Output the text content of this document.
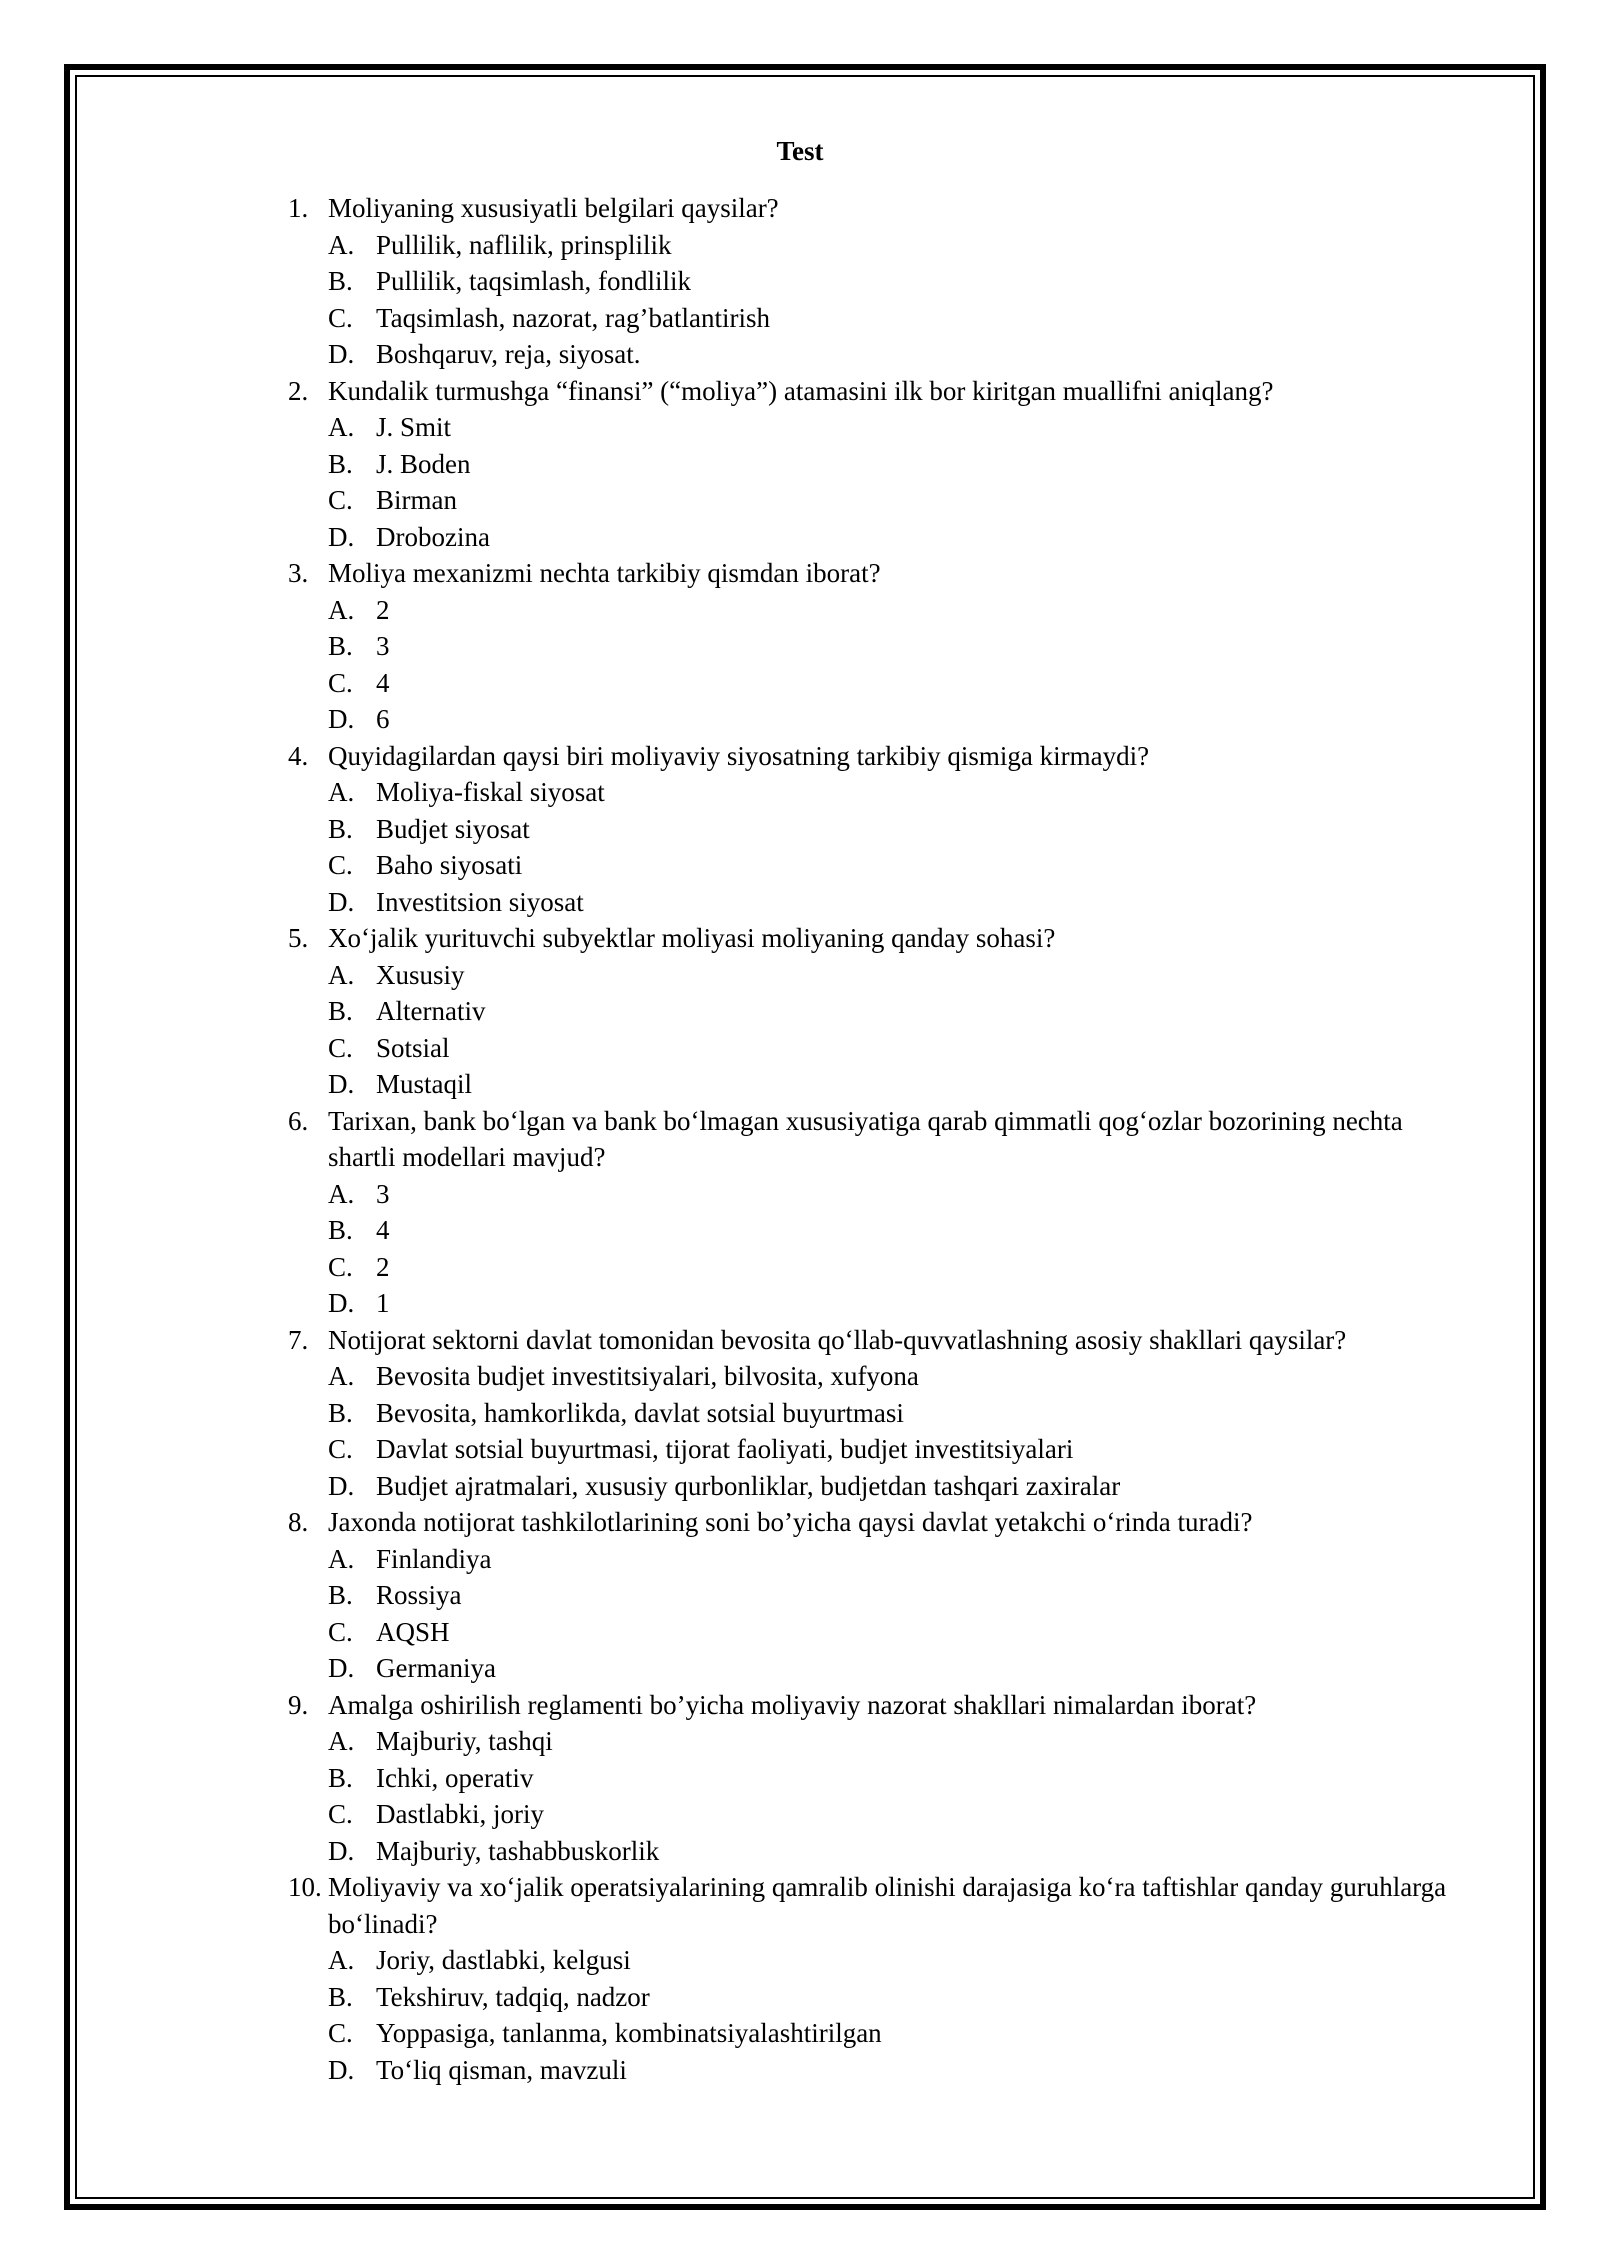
Test
1. Moliyaning xususiyatli belgilari qaysilar?
A. Pullilik, naflilik, prinsplilik
B. Pullilik, taqsimlash, fondlilik
C. Taqsimlash, nazorat, rag’batlantirish
D. Boshqaruv, reja, siyosat.
2. Kundalik turmushga “finansi” (“moliya”) atamasini ilk bor kiritgan muallifni aniqlang?
A. J. Smit
B. J. Boden
C. Birman
D. Drobozina
3. Moliya mexanizmi nechta tarkibiy qismdan iborat?
A. 2
B. 3
C. 4
D. 6
4. Quyidagilardan qaysi biri moliyaviy siyosatning tarkibiy qismiga kirmaydi?
A. Moliya-fiskal siyosat
B. Budjet siyosat
C. Baho siyosati
D. Investitsion siyosat
5. Xo‘jalik yurituvchi subyektlar moliyasi moliyaning qanday sohasi?
A. Xususiy
B. Alternativ
C. Sotsial
D. Mustaqil
6. Tarixan, bank bo‘lgan va bank bo‘lmagan xususiyatiga qarab qimmatli qog‘ozlar bozorining nechta shartli modellari mavjud?
A. 3
B. 4
C. 2
D. 1
7. Notijorat sektorni davlat tomonidan bevosita qo‘llab-quvvatlashning asosiy shakllari qaysilar?
A. Bevosita budjet investitsiyalari, bilvosita, xufyona
B. Bevosita, hamkorlikda, davlat sotsial buyurtmasi
C. Davlat sotsial buyurtmasi, tijorat faoliyati, budjet investitsiyalari
D. Budjet ajratmalari, xususiy qurbonliklar, budjetdan tashqari zaxiralar
8. Jaxonda notijorat tashkilotlarining soni bo’yicha qaysi davlat yetakchi o‘rinda turadi?
A. Finlandiya
B. Rossiya
C. AQSH
D. Germaniya
9. Amalga oshirilish reglamenti bo’yicha moliyaviy nazorat shakllari nimalardan iborat?
A. Majburiy, tashqi
B. Ichki, operativ
C. Dastlabki, joriy
D. Majburiy, tashabbuskorlik
10. Moliyaviy va xo‘jalik operatsiyalarining qamralib olinishi darajasiga ko‘ra taftishlar qanday guruhlarga bo‘linadi?
A. Joriy, dastlabki, kelgusi
B. Tekshiruv, tadqiq, nadzor
C. Yoppasiga, tanlanma, kombinatsiyalashtirilgan
D. To‘liq qisman, mavzuli
